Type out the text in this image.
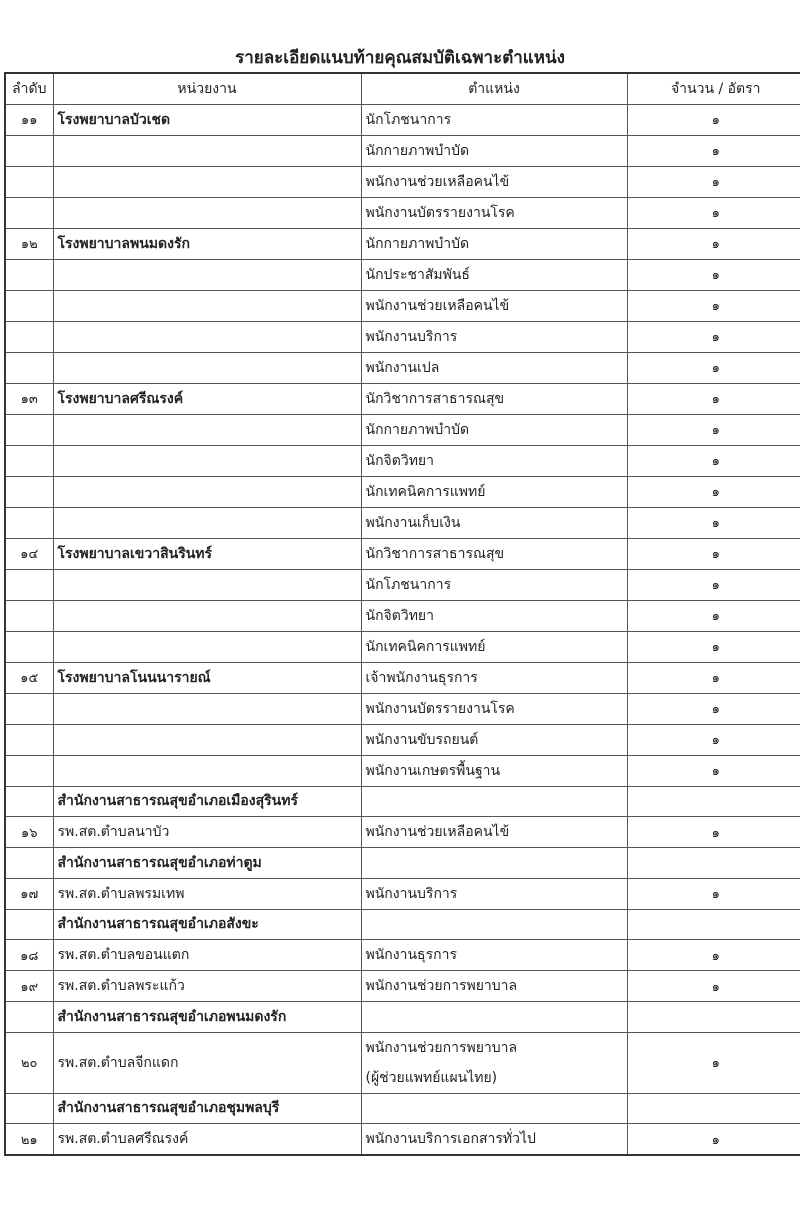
รายละเอียดแนบท้ายคุณสมบัติเฉพาะตำแหน่ง
ลำดับ	หน่วยงาน	ตำแหน่ง	จำนวน / อัตรา
๑๑	โรงพยาบาลบัวเชด	นักโภชนาการ	๑
		นักกายภาพบำบัด	๑
		พนักงานช่วยเหลือคนไข้	๑
		พนักงานบัตรรายงานโรค	๑
๑๒	โรงพยาบาลพนมดงรัก	นักกายภาพบำบัด	๑
		นักประชาสัมพันธ์	๑
		พนักงานช่วยเหลือคนไข้	๑
		พนักงานบริการ	๑
		พนักงานเปล	๑
๑๓	โรงพยาบาลศรีณรงค์	นักวิชาการสาธารณสุข	๑
		นักกายภาพบำบัด	๑
		นักจิตวิทยา	๑
		นักเทคนิคการแพทย์	๑
		พนักงานเก็บเงิน	๑
๑๔	โรงพยาบาลเขวาสินรินทร์	นักวิชาการสาธารณสุข	๑
		นักโภชนาการ	๑
		นักจิตวิทยา	๑
		นักเทคนิคการแพทย์	๑
๑๕	โรงพยาบาลโนนนารายณ์	เจ้าพนักงานธุรการ	๑
		พนักงานบัตรรายงานโรค	๑
		พนักงานขับรถยนต์	๑
		พนักงานเกษตรพื้นฐาน	๑
	สำนักงานสาธารณสุขอำเภอเมืองสุรินทร์		
๑๖	รพ.สต.ตำบลนาบัว	พนักงานช่วยเหลือคนไข้	๑
	สำนักงานสาธารณสุขอำเภอท่าตูม		
๑๗	รพ.สต.ตำบลพรมเทพ	พนักงานบริการ	๑
	สำนักงานสาธารณสุขอำเภอสังขะ		
๑๘	รพ.สต.ตำบลขอนแตก	พนักงานธุรการ	๑
๑๙	รพ.สต.ตำบลพระแก้ว	พนักงานช่วยการพยาบาล	๑
	สำนักงานสาธารณสุขอำเภอพนมดงรัก		
๒๐	รพ.สต.ตำบลจีกแดก	พนักงานช่วยการพยาบาล
(ผู้ช่วยแพทย์แผนไทย)	๑
	สำนักงานสาธารณสุขอำเภอชุมพลบุรี		
๒๑	รพ.สต.ตำบลศรีณรงค์	พนักงานบริการเอกสารทั่วไป	๑
